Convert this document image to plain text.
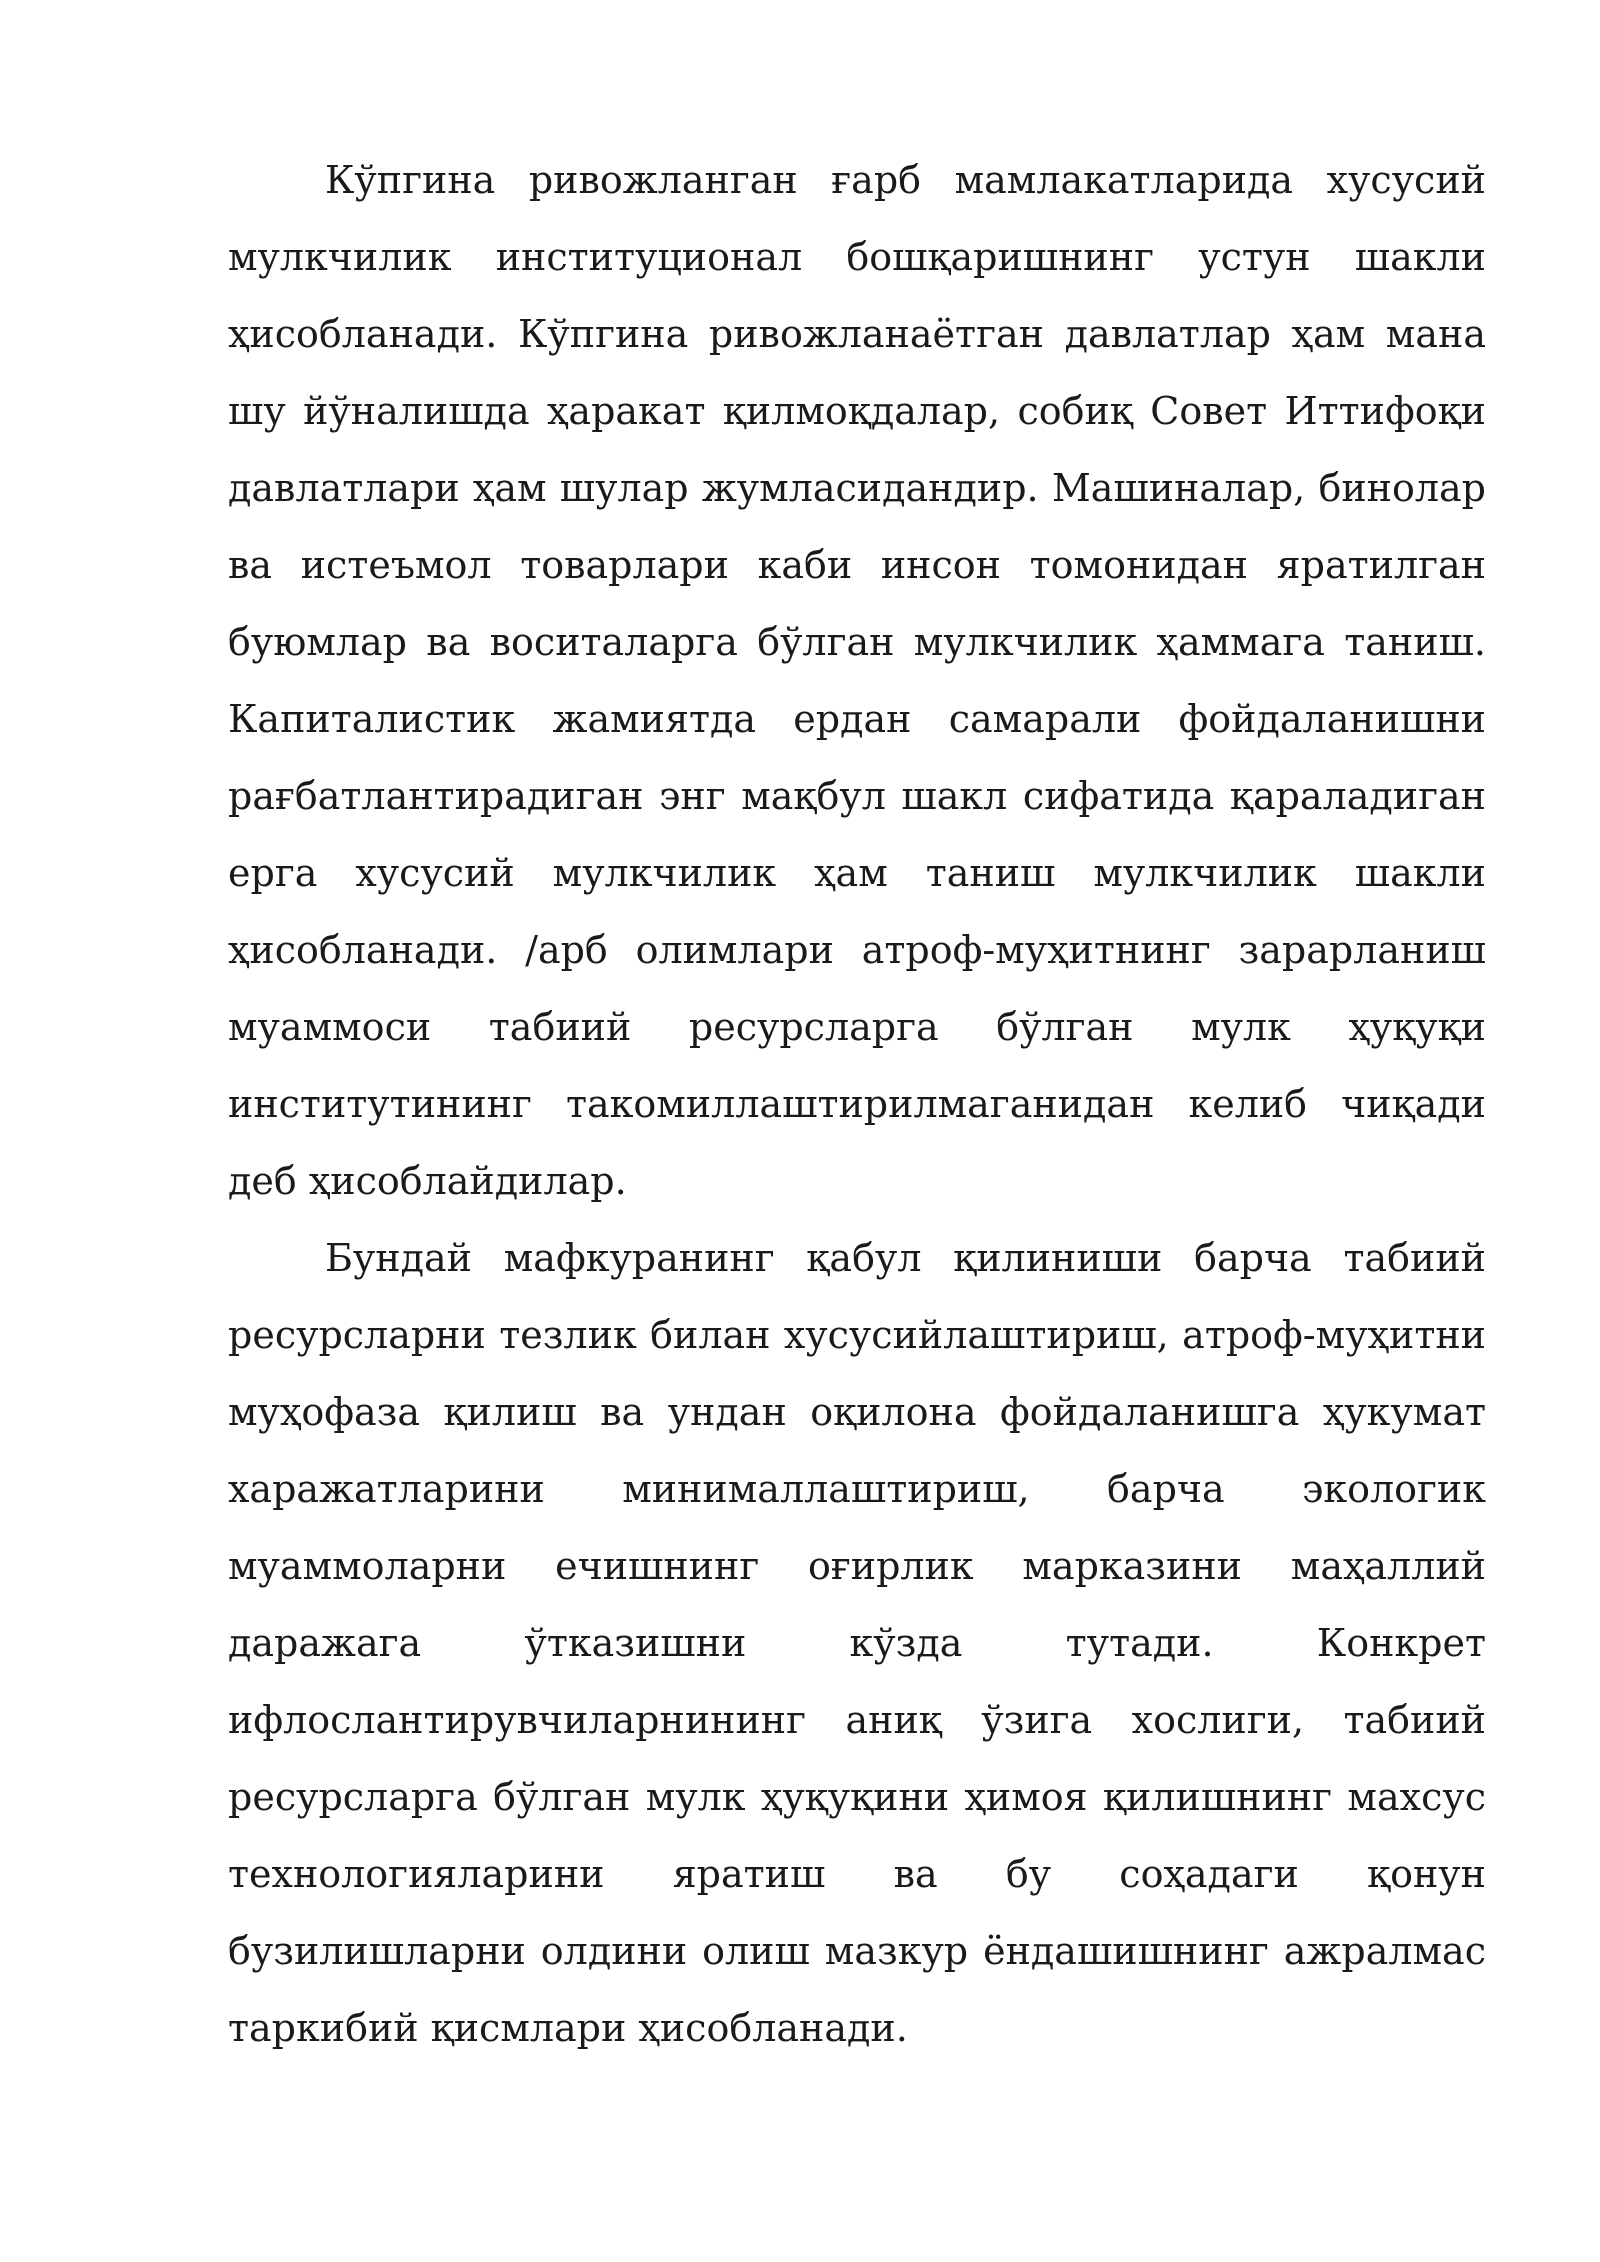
Кўпгина ривожланган ғарб мамлакатларида хусусий мулкчилик институционал бошқаришнинг устун шакли ҳисобланади. Кўпгина ривожланаётган давлатлар ҳам мана шу йўналишда ҳаракат қилмоқдалар, собиқ Совет Иттифоқи давлатлари ҳам шулар жумласидандир. Машиналар, бинолар ва истеъмол товарлари каби инсон томонидан яратилган буюмлар ва воситаларга бўлган мулкчилик ҳаммага таниш. Капиталистик жамиятда ердан самарали фойдаланишни рағбатлантирадиган энг мақбул шакл сифатида қараладиган ерга хусусий мулкчилик ҳам таниш мулкчилик шакли ҳисобланади. /арб олимлари атроф-муҳитнинг зарарланиш муаммоси табиий ресурсларга бўлган мулк ҳуқуқи институтининг такомиллаштирилмаганидан келиб чиқади деб ҳисоблайдилар.

Бундай мафкуранинг қабул қилиниши барча табиий ресурсларни тезлик билан хусусийлаштириш, атроф-муҳитни муҳофаза қилиш ва ундан оқилона фойдаланишга ҳукумат харажатларини минималлаштириш, барча экологик муаммоларни ечишнинг оғирлик марказини маҳаллий даражага ўтказишни кўзда тутади. Конкрет ифлослантирувчиларнининг аниқ ўзига хослиги, табиий ресурсларга бўлган мулк ҳуқуқини ҳимоя қилишнинг махсус технологияларини яратиш ва бу соҳадаги қонун бузилишларни олдини олиш мазкур ёндашишнинг ажралмас таркибий қисмлари ҳисобланади.
